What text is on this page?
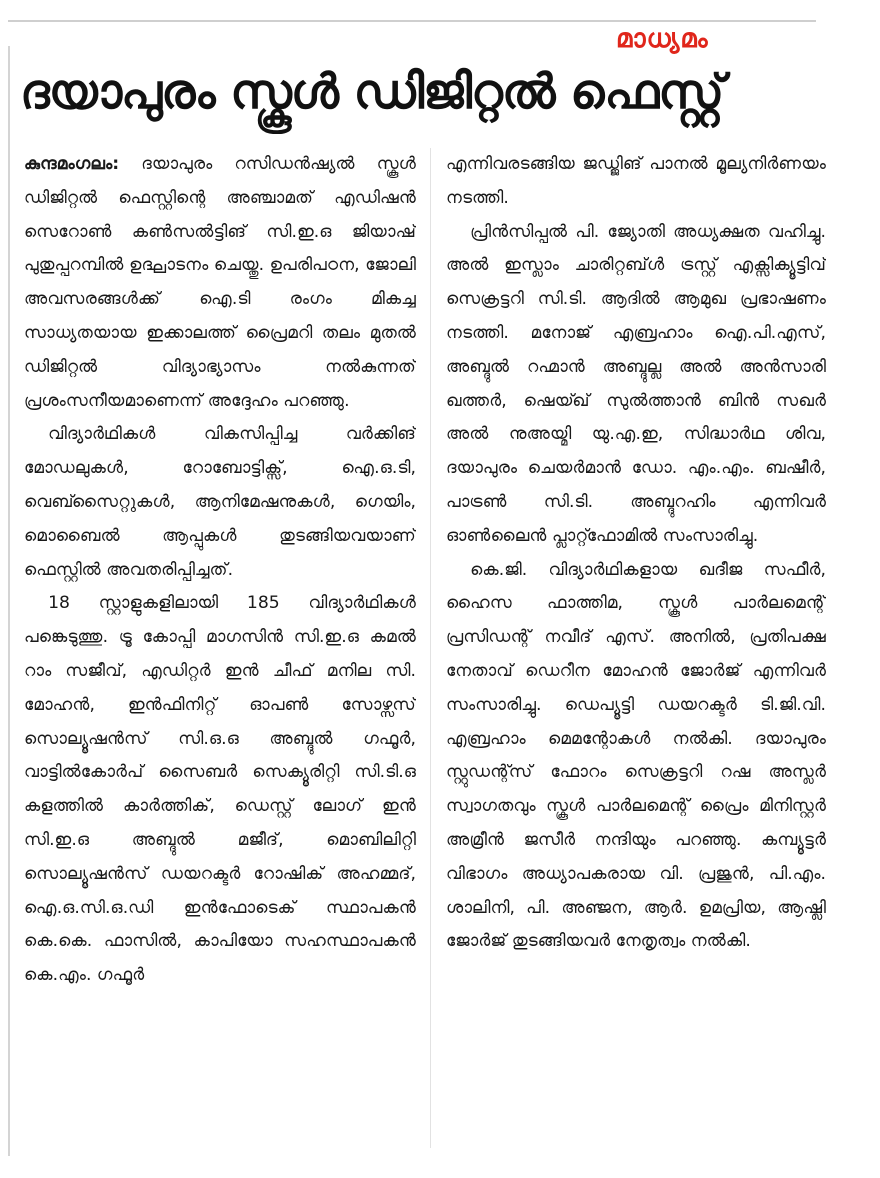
മാധ്യമം
ദയാപുരം സ്കൂൾ ഡിജിറ്റൽ ഫെസ്റ്റ്

കുന്ദമംഗലം: ദയാപുരം റസിഡൻഷ്യൽ സ്കൂൾ ഡിജിറ്റൽ ഫെസ്റ്റിന്റെ അഞ്ചാമത് എഡിഷൻ സെറോൺ കൺസൽട്ടിങ് സി.ഇ.ഒ ജിയാഷ് പുതുപ്പറമ്പിൽ ഉദ്ഘാടനം ചെയ്തു. ഉപരിപഠന, ജോലി അവസരങ്ങൾക്ക് ഐ.ടി രംഗം മികച്ച സാധ്യതയായ ഇക്കാലത്ത് പ്രൈമറി തലം മുതൽ ഡിജിറ്റൽ വിദ്യാഭ്യാസം നൽകുന്നത് പ്രശംസനീയമാണെന്ന് അദ്ദേഹം പറഞ്ഞു.

വിദ്യാർഥികൾ വികസിപ്പിച്ച വർക്കിങ് മോഡലുകൾ, റോബോട്ടിക്സ്, ഐ.ഒ.ടി, വെബ്സൈറ്റുകൾ, ആനിമേഷനുകൾ, ഗെയിം, മൊബൈൽ ആപ്പുകൾ തുടങ്ങിയവയാണ് ഫെസ്റ്റിൽ അവതരിപ്പിച്ചത്.

18 സ്റ്റാളുകളിലായി 185 വിദ്യാർഥികൾ പങ്കെടുത്തു. ട്രൂ കോപ്പി മാഗസിൻ സി.ഇ.ഒ കമൽ റാം സജീവ്, എഡിറ്റർ ഇൻ ചീഫ് മനില സി. മോഹൻ, ഇൻഫിനിറ്റ് ഓപൺ സോഴ്സസ് സൊല്യൂഷൻസ് സി.ഒ.ഒ അബ്ദുൽ ഗഫൂർ, വാട്ടിൽകോർപ് സൈബർ സെക്യൂരിറ്റി സി.ടി.ഒ കളത്തിൽ കാർത്തിക്, ഡെസ്റ്റ് ലോഗ് ഇൻ സി.ഇ.ഒ അബ്ദുൽ മജീദ്, മൊബിലിറ്റി സൊല്യൂഷൻസ് ഡയറക്ടർ റോഷിക് അഹമ്മദ്, ഐ.ഒ.സി.ഒ.ഡി ഇൻഫോടെക് സ്ഥാപകൻ കെ.കെ. ഫാസിൽ, കാപിയോ സഹസ്ഥാപകൻ കെ.എം. ഗഫൂർ

എന്നിവരടങ്ങിയ ജഡ്ജിങ് പാനൽ മൂല്യനിർണയം നടത്തി.

പ്രിൻസിപ്പൽ പി. ജ്യോതി അധ്യക്ഷത വഹിച്ചു. അൽ ഇസ്ലാം ചാരിറ്റബ്ൾ ട്രസ്റ്റ് എക്സിക്യൂട്ടിവ് സെക്രട്ടറി സി.ടി. ആദിൽ ആമുഖ പ്രഭാഷണം നടത്തി. മനോജ് എബ്രഹാം ഐ.പി.എസ്, അബ്ദുൽ റഹ്മാൻ അബ്ദുല്ല അൽ അൻസാരി ഖത്തർ, ഷെയ്ഖ് സുൽത്താൻ ബിൻ സഖർ അൽ നുഅയ്മി യു.എ.ഇ, സിദ്ധാർഥ ശിവ, ദയാപുരം ചെയർമാൻ ഡോ. എം.എം. ബഷീർ, പാട്രൺ സി.ടി. അബ്ദുറഹിം എന്നിവർ ഓൺലൈൻ പ്ലാറ്റ്ഫോമിൽ സംസാരിച്ചു.

കെ.ജി. വിദ്യാർഥികളായ ഖദീജ സഫീർ, ഹൈസ ഫാത്തിമ, സ്കൂൾ പാർലമെന്റ് പ്രസിഡന്റ് നവീദ് എസ്. അനിൽ, പ്രതിപക്ഷ നേതാവ് ഡെറീന മോഹൻ ജോർജ് എന്നിവർ സംസാരിച്ചു. ഡെപ്യൂട്ടി ഡയറക്ടർ ടി.ജി.വി. എബ്രഹാം മെമന്റോകൾ നൽകി. ദയാപുരം സ്റ്റുഡന്റ്സ് ഫോറം സെക്രട്ടറി റഷ അസ്ലർ സ്വാഗതവും സ്കൂൾ പാർലമെന്റ് പ്രൈം മിനിസ്റ്റർ അമ്രീൻ ജസീർ നന്ദിയും പറഞ്ഞു. കമ്പ്യൂട്ടർ വിഭാഗം അധ്യാപകരായ വി. പ്രജുൻ, പി.എം. ശാലിനി, പി. അഞ്ജന, ആർ. ഉമപ്രിയ, ആഷ്ലി ജോർജ് തുടങ്ങിയവർ നേതൃത്വം നൽകി.
